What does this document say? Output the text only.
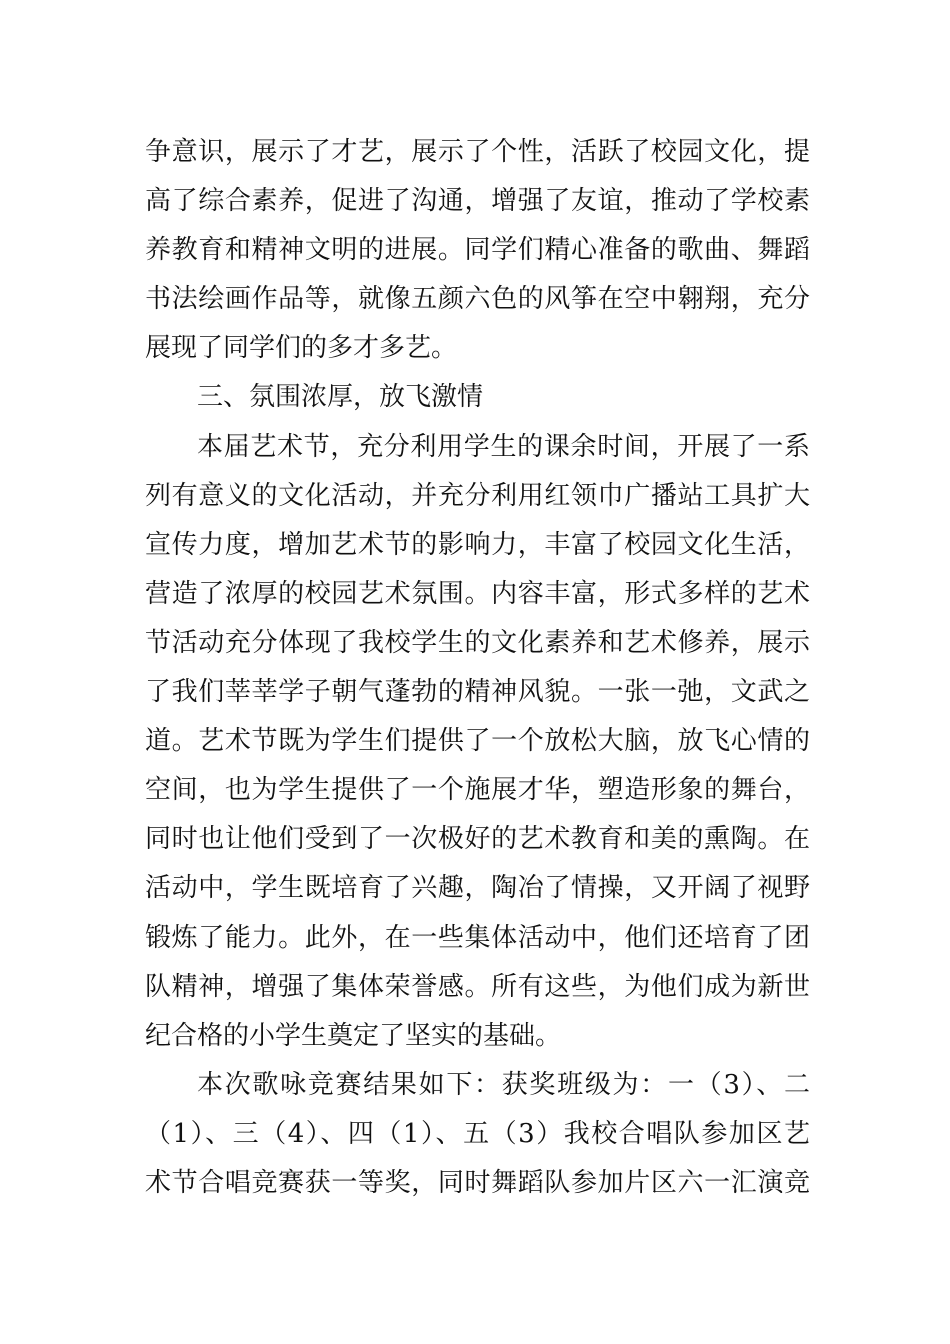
争意识，展示了才艺，展示了个性，活跃了校园文化，提
高了综合素养，促进了沟通，增强了友谊，推动了学校素
养教育和精神文明的进展。同学们精心准备的歌曲、舞蹈
书法绘画作品等，就像五颜六色的风筝在空中翱翔，充分
展现了同学们的多才多艺。
三、氛围浓厚，放飞激情
本届艺术节，充分利用学生的课余时间，开展了一系
列有意义的文化活动，并充分利用红领巾广播站工具扩大
宣传力度，增加艺术节的影响力，丰富了校园文化生活，
营造了浓厚的校园艺术氛围。内容丰富，形式多样的艺术
节活动充分体现了我校学生的文化素养和艺术修养，展示
了我们莘莘学子朝气蓬勃的精神风貌。一张一弛，文武之
道。艺术节既为学生们提供了一个放松大脑，放飞心情的
空间，也为学生提供了一个施展才华，塑造形象的舞台，
同时也让他们受到了一次极好的艺术教育和美的熏陶。在
活动中，学生既培育了兴趣，陶冶了情操，又开阔了视野
锻炼了能力。此外，在一些集体活动中，他们还培育了团
队精神，增强了集体荣誉感。所有这些，为他们成为新世
纪合格的小学生奠定了坚实的基础。
本次歌咏竞赛结果如下：获奖班级为：一（3）、二
（1）、三（4）、四（1）、五（3）我校合唱队参加区艺
术节合唱竞赛获一等奖，同时舞蹈队参加片区六一汇演竞
